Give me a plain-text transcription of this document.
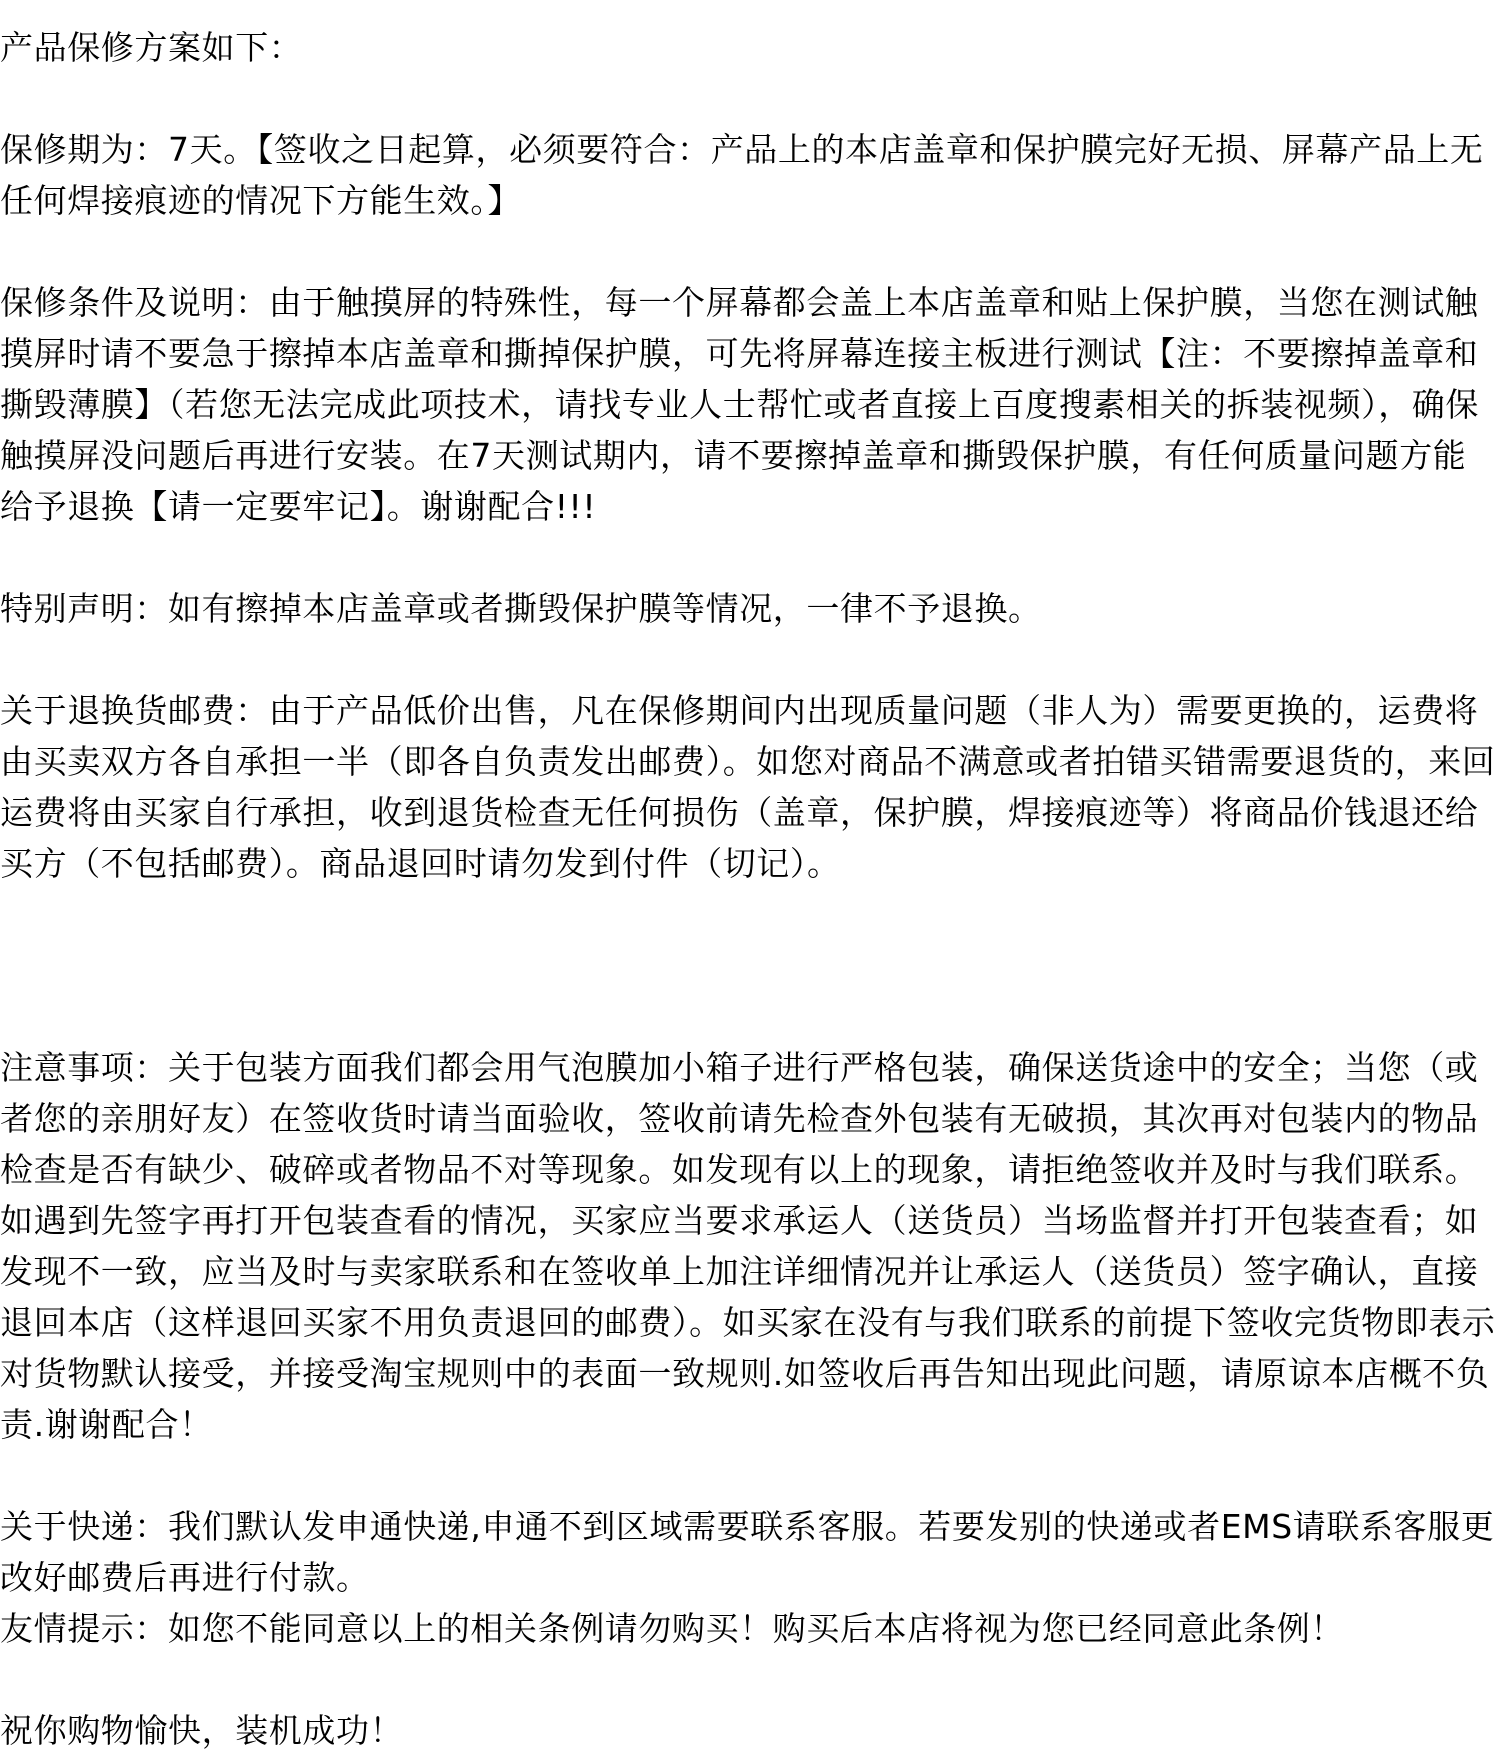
产品保修方案如下：

保修期为：7天。【签收之日起算，必须要符合：产品上的本店盖章和保护膜完好无损、屏幕产品上无任何焊接痕迹的情况下方能生效。】

保修条件及说明：由于触摸屏的特殊性，每一个屏幕都会盖上本店盖章和贴上保护膜，当您在测试触摸屏时请不要急于擦掉本店盖章和撕掉保护膜，可先将屏幕连接主板进行测试【注：不要擦掉盖章和撕毁薄膜】（若您无法完成此项技术，请找专业人士帮忙或者直接上百度搜素相关的拆装视频），确保触摸屏没问题后再进行安装。在7天测试期内，请不要擦掉盖章和撕毁保护膜，有任何质量问题方能给予退换【请一定要牢记】。谢谢配合!!!

特别声明：如有擦掉本店盖章或者撕毁保护膜等情况，一律不予退换。

关于退换货邮费：由于产品低价出售，凡在保修期间内出现质量问题（非人为）需要更换的，运费将由买卖双方各自承担一半（即各自负责发出邮费）。如您对商品不满意或者拍错买错需要退货的，来回运费将由买家自行承担，收到退货检查无任何损伤（盖章，保护膜，焊接痕迹等）将商品价钱退还给买方（不包括邮费）。商品退回时请勿发到付件（切记）。

注意事项：关于包装方面我们都会用气泡膜加小箱子进行严格包装，确保送货途中的安全；当您（或者您的亲朋好友）在签收货时请当面验收，签收前请先检查外包装有无破损，其次再对包装内的物品检查是否有缺少、破碎或者物品不对等现象。如发现有以上的现象，请拒绝签收并及时与我们联系。如遇到先签字再打开包装查看的情况，买家应当要求承运人（送货员）当场监督并打开包装查看；如发现不一致，应当及时与卖家联系和在签收单上加注详细情况并让承运人（送货员）签字确认，直接退回本店（这样退回买家不用负责退回的邮费）。如买家在没有与我们联系的前提下签收完货物即表示对货物默认接受，并接受淘宝规则中的表面一致规则.如签收后再告知出现此问题，请原谅本店概不负责.谢谢配合！

关于快递：我们默认发申通快递,申通不到区域需要联系客服。若要发别的快递或者EMS请联系客服更改好邮费后再进行付款。

友情提示：如您不能同意以上的相关条例请勿购买！购买后本店将视为您已经同意此条例！

祝你购物愉快，装机成功！
